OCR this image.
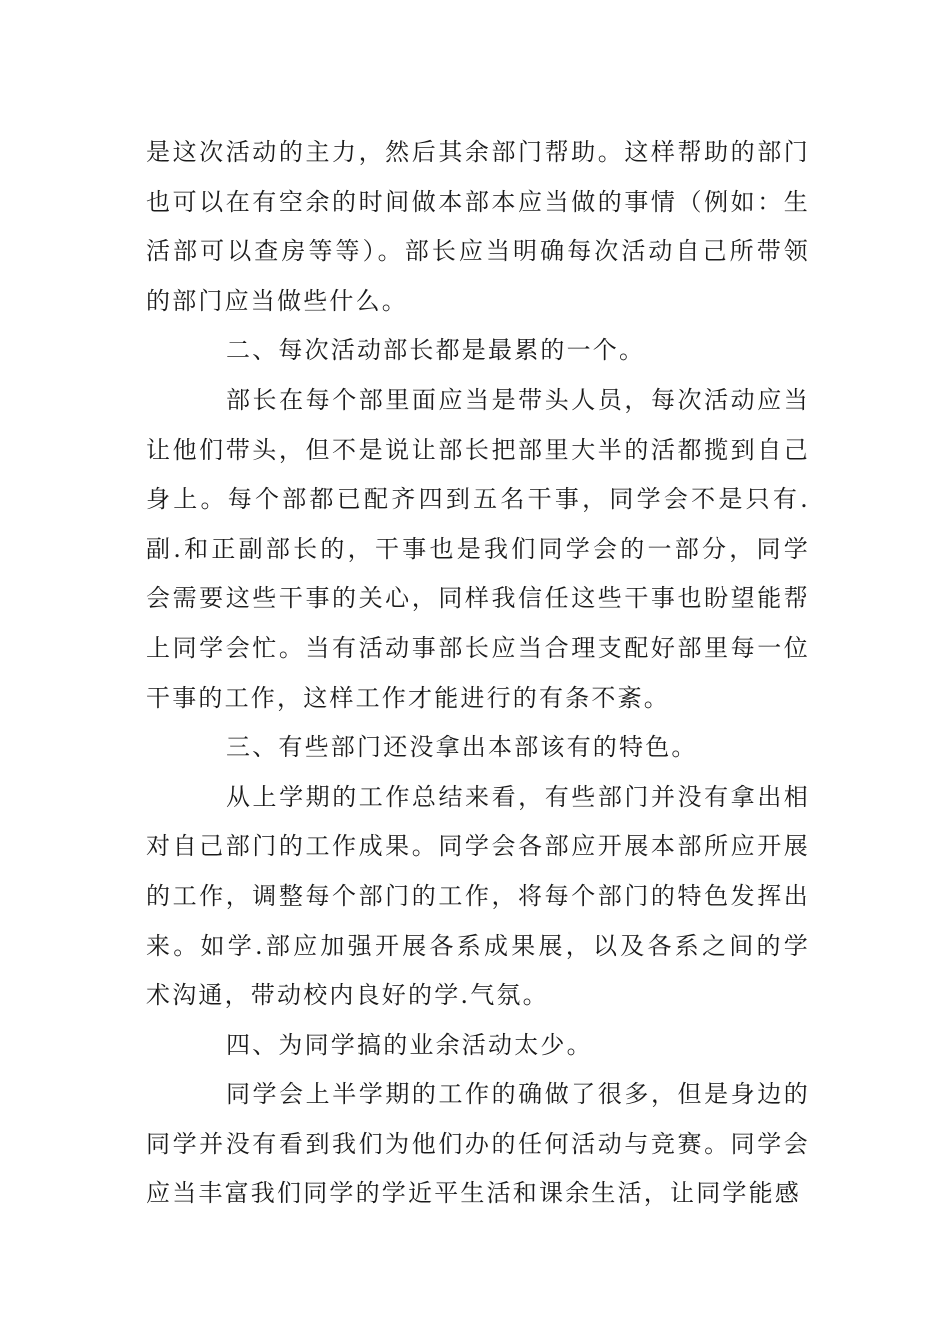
是这次活动的主力，然后其余部门帮助。这样帮助的部门也可以在有空余的时间做本部本应当做的事情（例如：生活部可以查房等等）。部长应当明确每次活动自己所带领的部门应当做些什么。

二、每次活动部长都是最累的一个。

部长在每个部里面应当是带头人员，每次活动应当让他们带头，但不是说让部长把部里大半的活都揽到自己身上。每个部都已配齐四到五名干事，同学会不是只有.副.和正副部长的，干事也是我们同学会的一部分，同学会需要这些干事的关心，同样我信任这些干事也盼望能帮上同学会忙。当有活动事部长应当合理支配好部里每一位干事的工作，这样工作才能进行的有条不紊。

三、有些部门还没拿出本部该有的特色。

从上学期的工作总结来看，有些部门并没有拿出相对自己部门的工作成果。同学会各部应开展本部所应开展的工作，调整每个部门的工作，将每个部门的特色发挥出来。如学.部应加强开展各系成果展，以及各系之间的学术沟通，带动校内良好的学.气氛。

四、为同学搞的业余活动太少。

同学会上半学期的工作的确做了很多，但是身边的同学并没有看到我们为他们办的任何活动与竞赛。同学会应当丰富我们同学的学近平生活和课余生活，让同学能感
